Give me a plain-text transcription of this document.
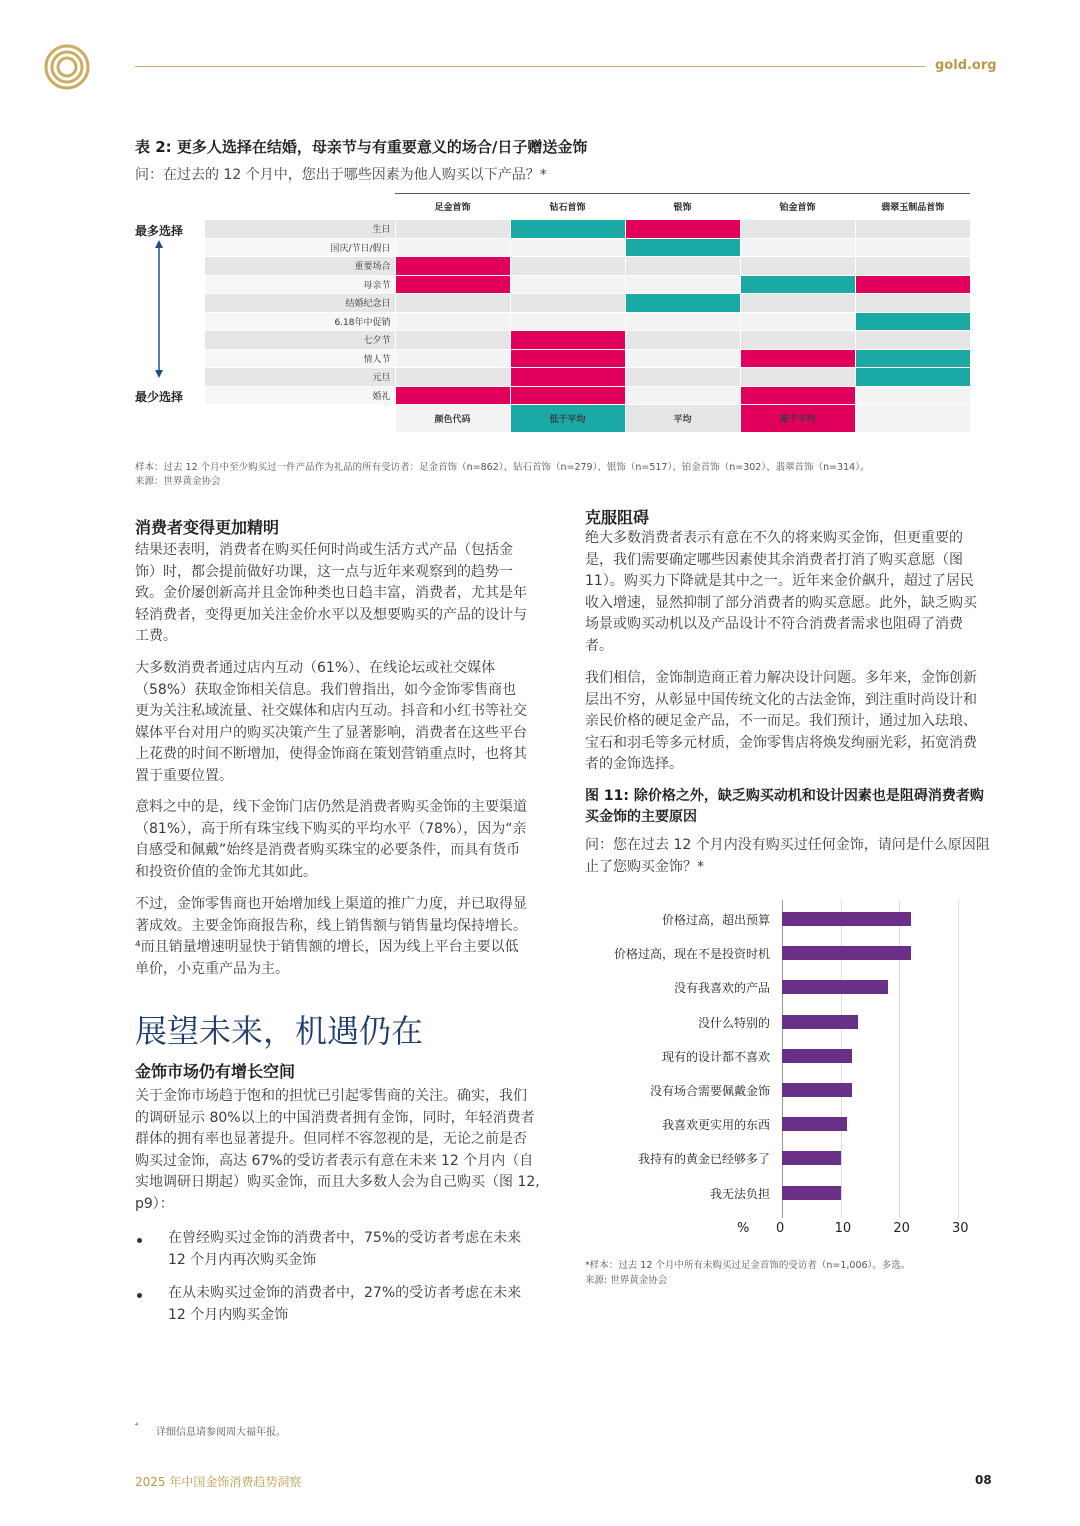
gold.org
表 2: 更多人选择在结婚，母亲节与有重要意义的场合/日子赠送金饰
问：在过去的 12 个月中，您出于哪些因素为他人购买以下产品？*
最多选择
最少选择
	足金首饰	钻石首饰	银饰	铂金首饰	翡翠玉制品首饰
生日					
国庆/节日/假日					
重要场合					
母亲节					
结婚纪念日					
6.18年中促销					
七夕节					
情人节					
元旦					
婚礼					
	颜色代码	低于平均	平均	高于平均	
样本：过去 12 个月中至少购买过一件产品作为礼品的所有受访者：足金首饰（n=862）、钻石首饰（n=279）、银饰（n=517）、铂金首饰（n=302）、翡翠首饰（n=314）。
来源：世界黄金协会
消费者变得更加精明
结果还表明，消费者在购买任何时尚或生活方式产品（包括金饰）时，都会提前做好功课，这一点与近年来观察到的趋势一致。金价屡创新高并且金饰种类也日趋丰富，消费者，尤其是年轻消费者，变得更加关注金价水平以及想要购买的产品的设计与工费。
大多数消费者通过店内互动（61%）、在线论坛或社交媒体（58%）获取金饰相关信息。我们曾指出，如今金饰零售商也更为关注私域流量、社交媒体和店内互动。抖音和小红书等社交媒体平台对用户的购买决策产生了显著影响，消费者在这些平台上花费的时间不断增加，使得金饰商在策划营销重点时，也将其置于重要位置。
意料之中的是，线下金饰门店仍然是消费者购买金饰的主要渠道（81%），高于所有珠宝线下购买的平均水平（78%），因为“亲自感受和佩戴”始终是消费者购买珠宝的必要条件，而具有货币和投资价值的金饰尤其如此。
不过，金饰零售商也开始增加线上渠道的推广力度，并已取得显著成效。主要金饰商报告称，线上销售额与销售量均保持增长。⁴而且销量增速明显快于销售额的增长，因为线上平台主要以低单价，小克重产品为主。
展望未来，机遇仍在
金饰市场仍有增长空间
关于金饰市场趋于饱和的担忧已引起零售商的关注。确实，我们的调研显示 80%以上的中国消费者拥有金饰，同时，年轻消费者群体的拥有率也显著提升。但同样不容忽视的是，无论之前是否购买过金饰，高达 67%的受访者表示有意在未来 12 个月内（自实地调研日期起）购买金饰，而且大多数人会为自己购买（图 12, p9）：
在曾经购买过金饰的消费者中，75%的受访者考虑在未来 12 个月内再次购买金饰
在从未购买过金饰的消费者中，27%的受访者考虑在未来 12 个月内购买金饰
克服阻碍
绝大多数消费者表示有意在不久的将来购买金饰，但更重要的是，我们需要确定哪些因素使其余消费者打消了购买意愿（图 11）。购买力下降就是其中之一。近年来金价飙升，超过了居民收入增速，显然抑制了部分消费者的购买意愿。此外，缺乏购买场景或购买动机以及产品设计不符合消费者需求也阻碍了消费者。
我们相信，金饰制造商正着力解决设计问题。多年来，金饰创新层出不穷，从彰显中国传统文化的古法金饰，到注重时尚设计和亲民价格的硬足金产品，不一而足。我们预计，通过加入珐琅、宝石和羽毛等多元材质，金饰零售店将焕发绚丽光彩，拓宽消费者的金饰选择。
图 11: 除价格之外，缺乏购买动机和设计因素也是阻碍消费者购买金饰的主要原因
问：您在过去 12 个月内没有购买过任何金饰，请问是什么原因阻止了您购买金饰？*
% 0	10	20	30
价格过高，超出预算
价格过高，现在不是投资时机
没有我喜欢的产品
没什么特别的
现有的设计都不喜欢
没有场合需要佩戴金饰
我喜欢更实用的东西
我持有的黄金已经够多了
我无法负担
*样本：过去 12 个月中所有未购买过足金首饰的受访者（n=1,006）。多选。
来源: 世界黄金协会
⁴
详细信息请参阅周大福年报。
2025 年中国金饰消费趋势洞察	08
